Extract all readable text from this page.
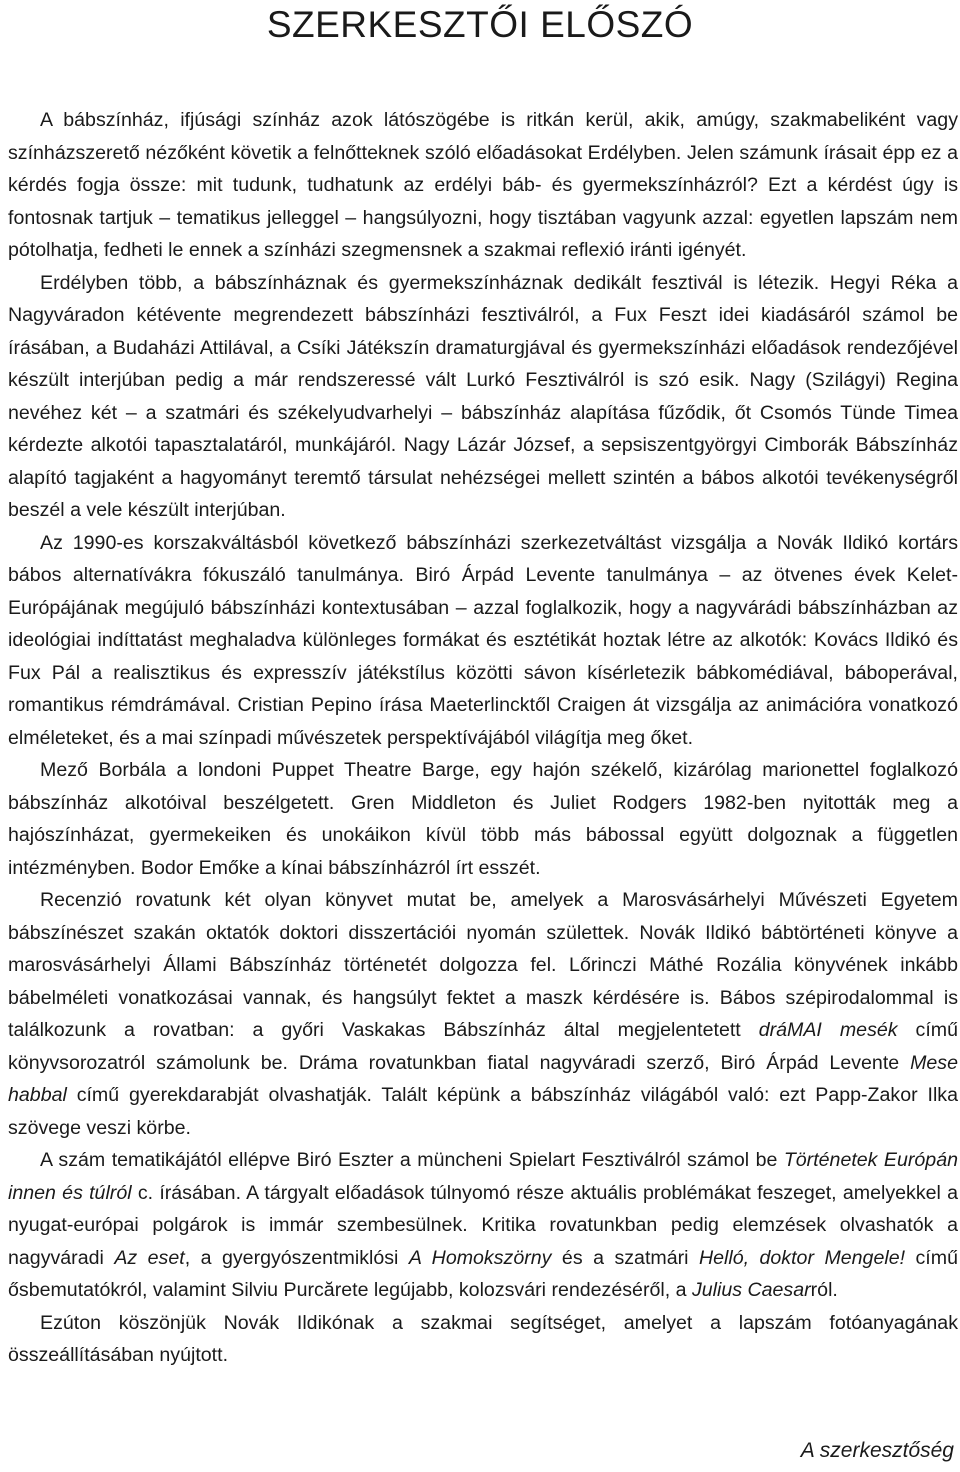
SZERKESZTŐI ELŐSZÓ

A bábszínház, ifjúsági színház azok látószögébe is ritkán kerül, akik, amúgy, szakmabeliként vagy színházszerető nézőként követik a felnőtteknek szóló előadásokat Erdélyben. Jelen számunk írásait épp ez a kérdés fogja össze: mit tudunk, tudhatunk az erdélyi báb- és gyermekszínházról? Ezt a kérdést úgy is fontosnak tartjuk – tematikus jelleggel – hangsúlyozni, hogy tisztában vagyunk azzal: egyetlen lapszám nem pótolhatja, fedheti le ennek a színházi szegmensnek a szakmai reflexió iránti igényét.

Erdélyben több, a bábszínháznak és gyermekszínháznak dedikált fesztivál is létezik. Hegyi Réka a Nagyváradon kétévente megrendezett bábszínházi fesztiválról, a Fux Feszt idei kiadásáról számol be írásában, a Budaházi Attilával, a Csíki Játékszín dramaturgjával és gyermekszínházi előadások rendezőjével készült interjúban pedig a már rendszeressé vált Lurkó Fesztiválról is szó esik. Nagy (Szilágyi) Regina nevéhez két – a szatmári és székelyudvarhelyi – bábszínház alapítása fűződik, őt Csomós Tünde Timea kérdezte alkotói tapasztalatáról, munkájáról. Nagy Lázár József, a sepsiszentgyörgyi Cimborák Bábszínház alapító tagjaként a hagyományt teremtő társulat nehézségei mellett szintén a bábos alkotói tevékenységről beszél a vele készült interjúban.

Az 1990-es korszakváltásból következő bábszínházi szerkezetváltást vizsgálja a Novák Ildikó kortárs bábos alternatívákra fókuszáló tanulmánya. Biró Árpád Levente tanulmánya – az ötvenes évek Kelet-Európájának megújuló bábszínházi kontextusában – azzal foglalkozik, hogy a nagyvárádi bábszínházban az ideológiai indíttatást meghaladva különleges formákat és esztétikát hoztak létre az alkotók: Kovács Ildikó és Fux Pál a realisztikus és expresszív játékstílus közötti sávon kísérletezik bábkomédiával, báboperával, romantikus rémdrámával. Cristian Pepino írása Maeterlincktől Craigen át vizsgálja az animációra vonatkozó elméleteket, és a mai színpadi művészetek perspektívájából világítja meg őket.

Mező Borbála a londoni Puppet Theatre Barge, egy hajón székelő, kizárólag marionettel foglalkozó bábszínház alkotóival beszélgetett. Gren Middleton és Juliet Rodgers 1982-ben nyitották meg a hajószínházat, gyermekeiken és unokáikon kívül több más bábossal együtt dolgoznak a független intézményben. Bodor Emőke a kínai bábszínházról írt esszét.

Recenzió rovatunk két olyan könyvet mutat be, amelyek a Marosvásárhelyi Művészeti Egyetem bábszínészet szakán oktatók doktori disszertációi nyomán születtek. Novák Ildikó bábtörténeti könyve a marosvásárhelyi Állami Bábszínház történetét dolgozza fel. Lőrinczi Máthé Rozália könyvének inkább bábelméleti vonatkozásai vannak, és hangsúlyt fektet a maszk kérdésére is. Bábos szépirodalommal is találkozunk a rovatban: a győri Vaskakas Bábszínház által megjelentetett dráMAI mesék című könyvsorozatról számolunk be. Dráma rovatunkban fiatal nagyváradi szerző, Biró Árpád Levente Mese habbal című gyerekdarabját olvashatják. Talált képünk a bábszínház világából való: ezt Papp-Zakor Ilka szövege veszi körbe.

A szám tematikájától ellépve Biró Eszter a müncheni Spielart Fesztiválról számol be Történetek Európán innen és túlról c. írásában. A tárgyalt előadások túlnyomó része aktuális problémákat feszeget, amelyekkel a nyugat-európai polgárok is immár szembesülnek. Kritika rovatunkban pedig elemzések olvashatók a nagyváradi Az eset, a gyergyószentmiklósi A Homokszörny és a szatmári Helló, doktor Mengele! című ősbemutatókról, valamint Silviu Purcărete legújabb, kolozsvári rendezéséről, a Julius Caesarról.

Ezúton köszönjük Novák Ildikónak a szakmai segítséget, amelyet a lapszám fotóanyagának összeállításában nyújtott.

A szerkesztőség
